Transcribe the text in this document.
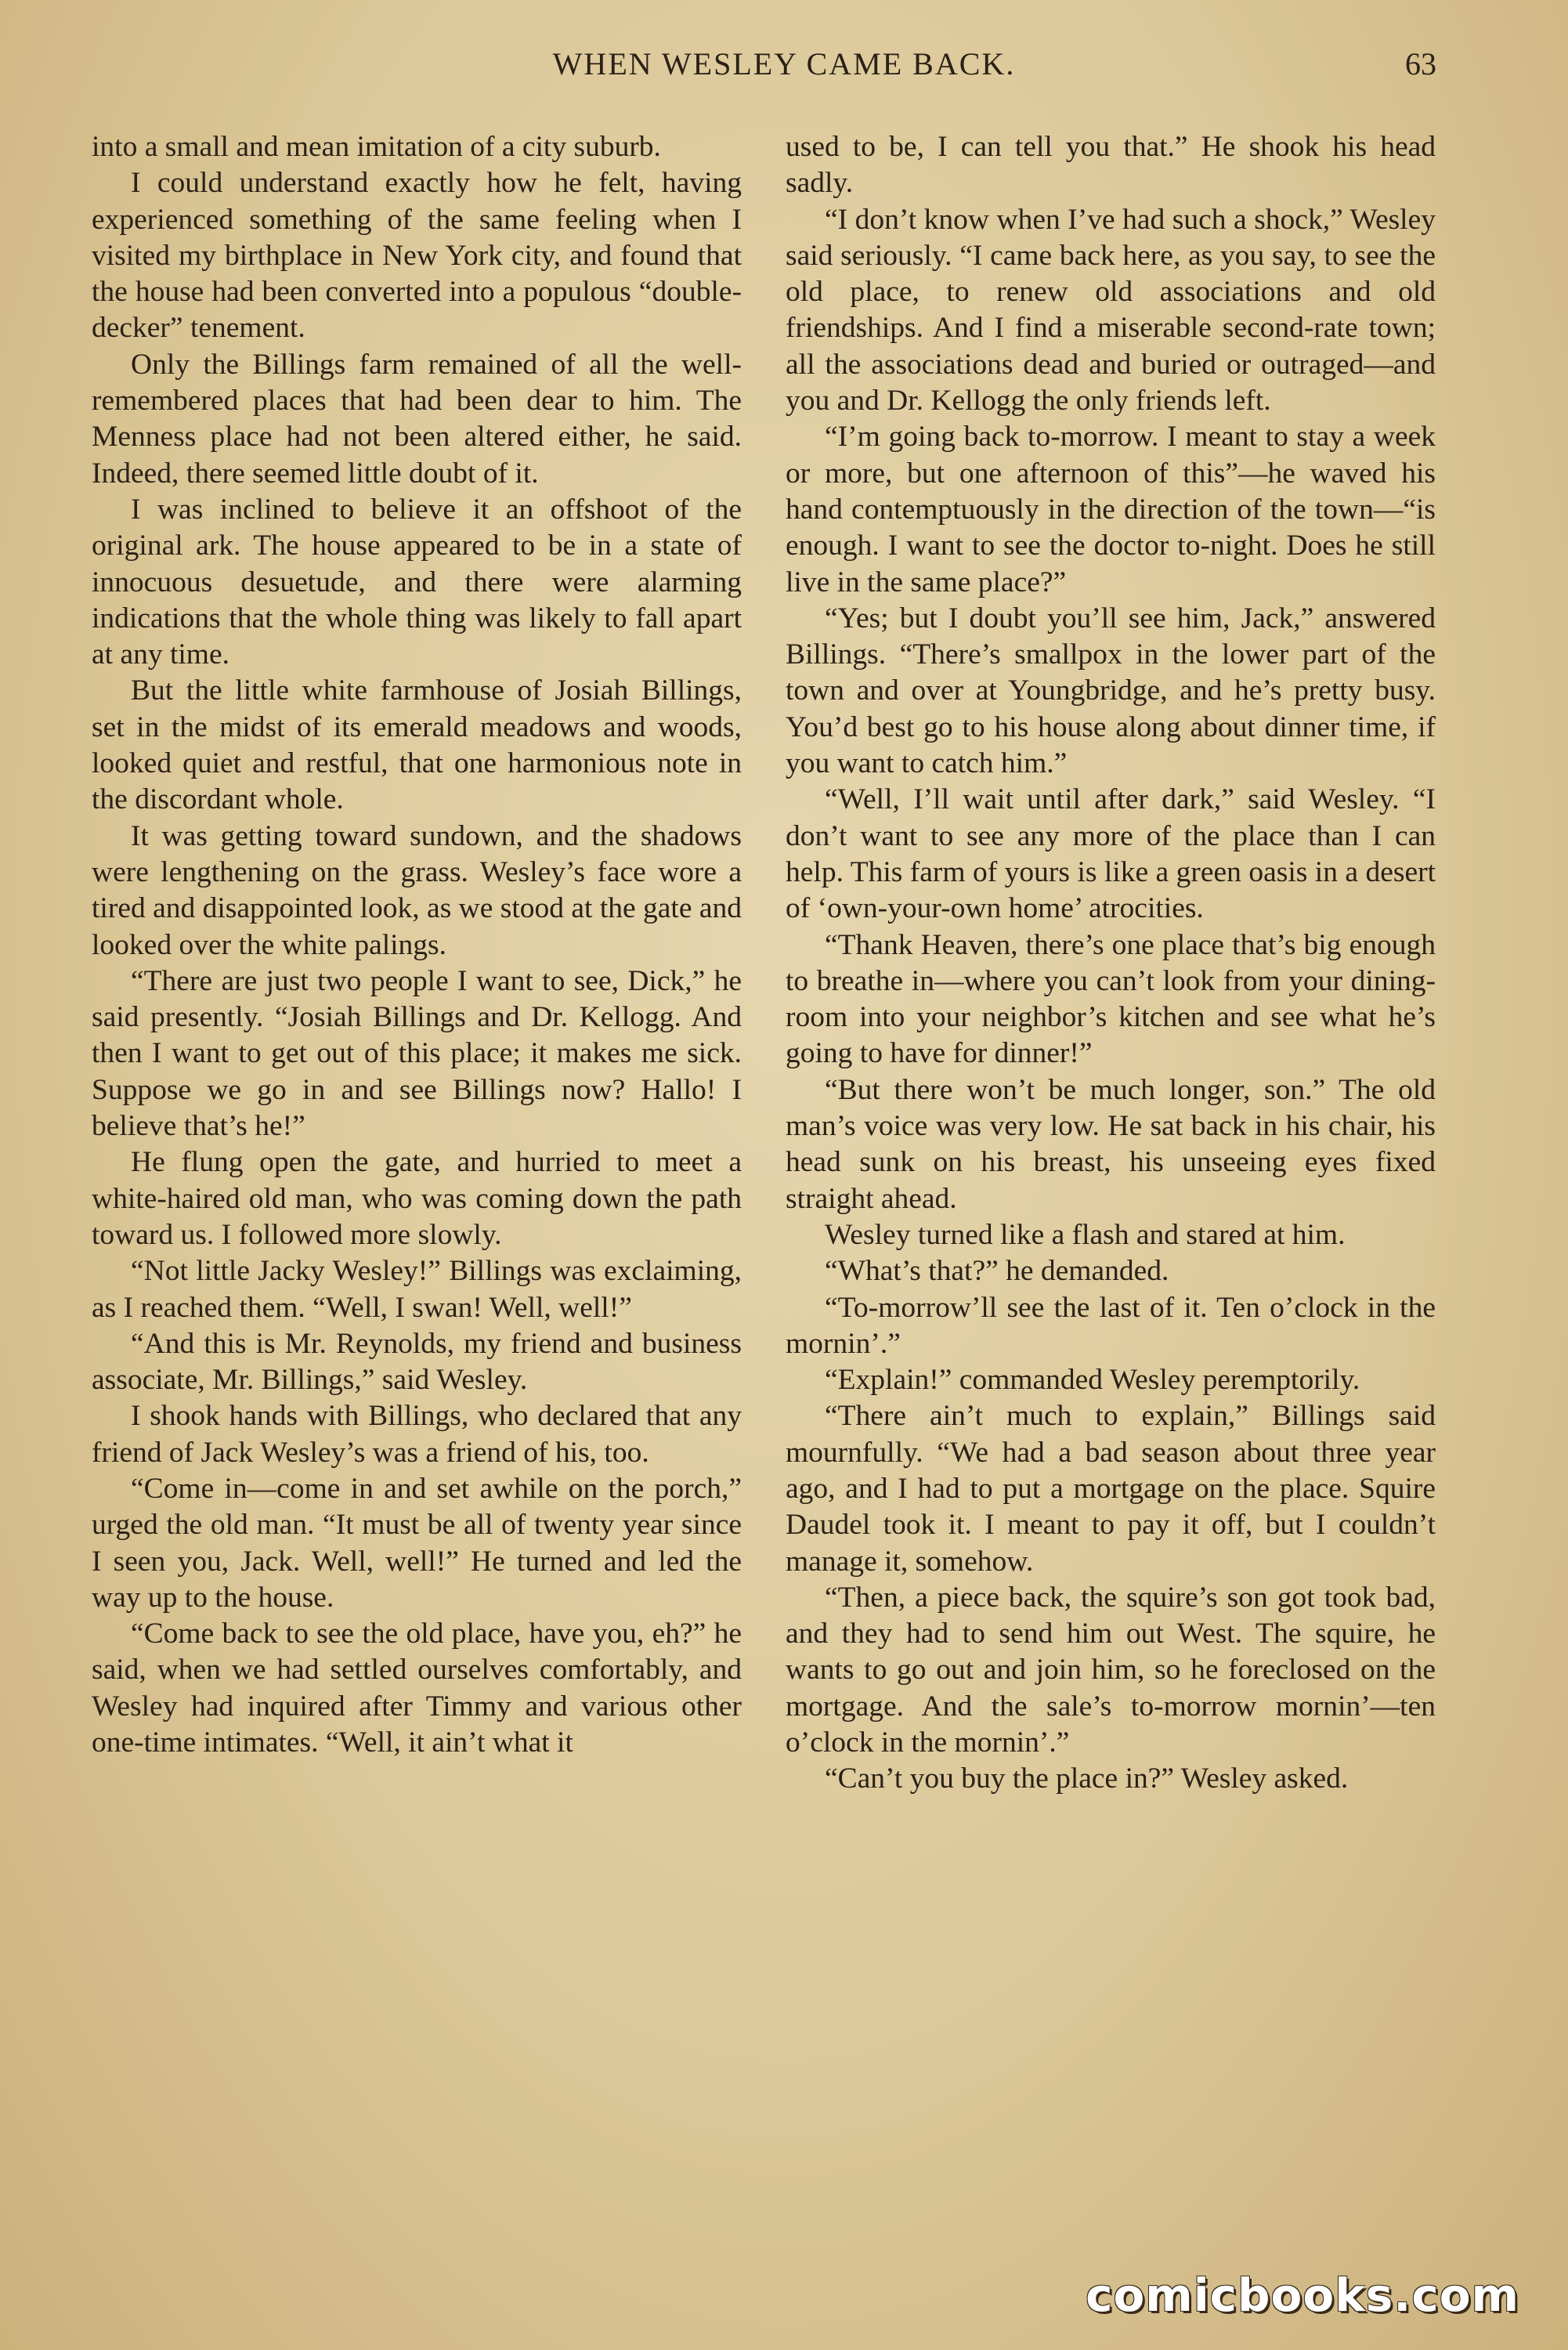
WHEN WESLEY CAME BACK.	63

into a small and mean imitation of a city suburb.

I could understand exactly how he felt, having experienced something of the same feeling when I visited my birthplace in New York city, and found that the house had been converted into a populous “double-decker” tenement.

Only the Billings farm remained of all the well-remembered places that had been dear to him. The Menness place had not been altered either, he said. Indeed, there seemed little doubt of it.

I was inclined to believe it an offshoot of the original ark. The house appeared to be in a state of innocuous desuetude, and there were alarming indications that the whole thing was likely to fall apart at any time.

But the little white farmhouse of Josiah Billings, set in the midst of its emerald meadows and woods, looked quiet and restful, that one harmonious note in the discordant whole.

It was getting toward sundown, and the shadows were lengthening on the grass. Wesley’s face wore a tired and disappointed look, as we stood at the gate and looked over the white palings.

“There are just two people I want to see, Dick,” he said presently. “Josiah Billings and Dr. Kellogg. And then I want to get out of this place; it makes me sick. Suppose we go in and see Billings now? Hallo! I believe that’s he!”

He flung open the gate, and hurried to meet a white-haired old man, who was coming down the path toward us. I followed more slowly.

“Not little Jacky Wesley!” Billings was exclaiming, as I reached them. “Well, I swan! Well, well!”

“And this is Mr. Reynolds, my friend and business associate, Mr. Billings,” said Wesley.

I shook hands with Billings, who declared that any friend of Jack Wesley’s was a friend of his, too.

“Come in—come in and set awhile on the porch,” urged the old man. “It must be all of twenty year since I seen you, Jack. Well, well!” He turned and led the way up to the house.

“Come back to see the old place, have you, eh?” he said, when we had settled ourselves comfortably, and Wesley had inquired after Timmy and various other one-time intimates. “Well, it ain’t what it

used to be, I can tell you that.” He shook his head sadly.

“I don’t know when I’ve had such a shock,” Wesley said seriously. “I came back here, as you say, to see the old place, to renew old associations and old friendships. And I find a miserable second-rate town; all the associations dead and buried or outraged—and you and Dr. Kellogg the only friends left.

“I’m going back to-morrow. I meant to stay a week or more, but one afternoon of this”—he waved his hand contemptuously in the direction of the town—“is enough. I want to see the doctor to-night. Does he still live in the same place?”

“Yes; but I doubt you’ll see him, Jack,” answered Billings. “There’s smallpox in the lower part of the town and over at Youngbridge, and he’s pretty busy. You’d best go to his house along about dinner time, if you want to catch him.”

“Well, I’ll wait until after dark,” said Wesley. “I don’t want to see any more of the place than I can help. This farm of yours is like a green oasis in a desert of ‘own-your-own home’ atrocities.

“Thank Heaven, there’s one place that’s big enough to breathe in—where you can’t look from your dining-room into your neighbor’s kitchen and see what he’s going to have for dinner!”

“But there won’t be much longer, son.” The old man’s voice was very low. He sat back in his chair, his head sunk on his breast, his unseeing eyes fixed straight ahead.

Wesley turned like a flash and stared at him.

“What’s that?” he demanded.

“To-morrow’ll see the last of it. Ten o’clock in the mornin’.”

“Explain!” commanded Wesley peremptorily.

“There ain’t much to explain,” Billings said mournfully. “We had a bad season about three year ago, and I had to put a mortgage on the place. Squire Daudel took it. I meant to pay it off, but I couldn’t manage it, somehow.

“Then, a piece back, the squire’s son got took bad, and they had to send him out West. The squire, he wants to go out and join him, so he foreclosed on the mortgage. And the sale’s to-morrow mornin’—ten o’clock in the mornin’.”

“Can’t you buy the place in?” Wesley asked.

comicbooks.com
